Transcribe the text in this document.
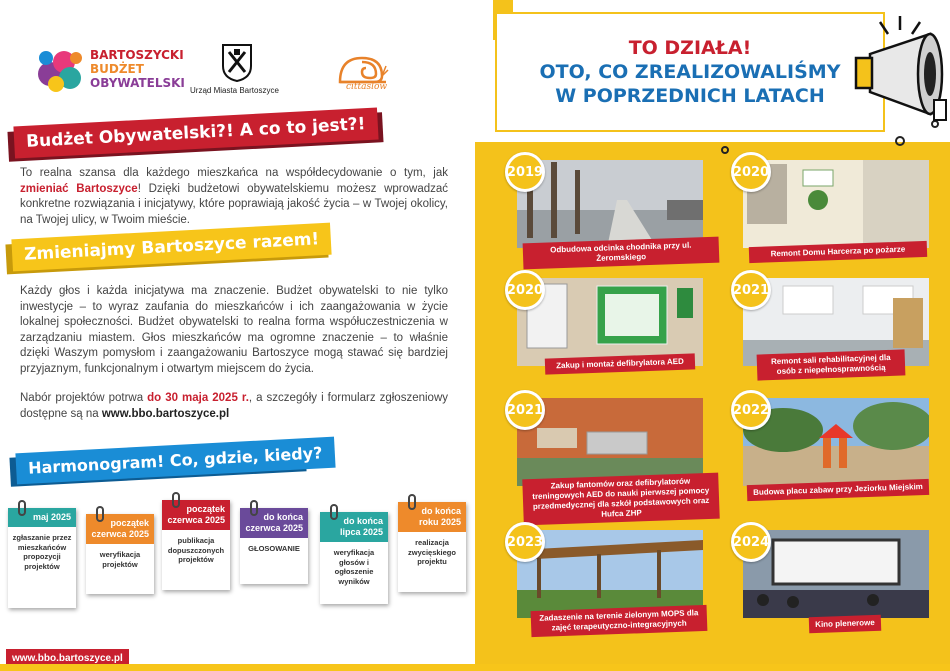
BARTOSZYCKI
BUDŻET
OBYWATELSKI
Urząd Miasta Bartoszyce	cittaslow
Budżet Obywatelski?! A co to jest?!

To realna szansa dla każdego mieszkańca na współdecydowanie o tym, jak zmieniać Bartoszyce! Dzięki budżetowi obywatelskiemu możesz wprowadzać konkretne rozwiązania i inicjatywy, które poprawiają jakość życia – w Twojej okolicy, na Twojej ulicy, w Twoim mieście.

Zmieniajmy Bartoszyce razem!

Każdy głos i każda inicjatywa ma znaczenie. Budżet obywatelski to nie tylko inwestycje – to wyraz zaufania do mieszkańców i ich zaangażowania w życie lokalnej społeczności. Budżet obywatelski to realna forma współuczestniczenia w zarządzaniu miastem. Głos mieszkańców ma ogromne znaczenie – to właśnie dzięki Waszym pomysłom i zaangażowaniu Bartoszyce mogą stawać się bardziej przyjaznym, funkcjonalnym i otwartym miejscem do życia.

Nabór projektów potrwa do 30 maja 2025 r., a szczegóły i formularz zgłoszeniowy dostępne są na www.bbo.bartoszyce.pl

Harmonogram! Co, gdzie, kiedy?
maj 2025
zgłaszanie przez mieszkańców propozycji projektów
początek czerwca 2025
weryfikacja projektów
początek czerwca 2025
publikacja dopuszczonych projektów
do końca czerwca 2025
GŁOSOWANIE
do końca lipca 2025
weryfikacja głosów i ogłoszenie wyników
do końca roku 2025
realizacja zwycięskiego projektu
www.bbo.bartoszyce.pl
TO DZIAŁA!
OTO, CO ZREALIZOWALIŚMY
W POPRZEDNICH LATACH
2019
Odbudowa odcinka chodnika przy ul. Żeromskiego
2020
Remont Domu Harcerza po pożarze
2020
Zakup i montaż defibrylatora AED
2021
Remont sali rehabilitacyjnej dla osób z niepełnosprawnością
2021
Zakup fantomów oraz defibrylatorów treningowych AED do nauki pierwszej pomocy przedmedycznej dla szkół podstawowych oraz Hufca ZHP
2022
Budowa placu zabaw przy Jeziorku Miejskim
2023
Zadaszenie na terenie zielonym MOPS dla zajęć terapeutyczno-integracyjnych
2024
Kino plenerowe
